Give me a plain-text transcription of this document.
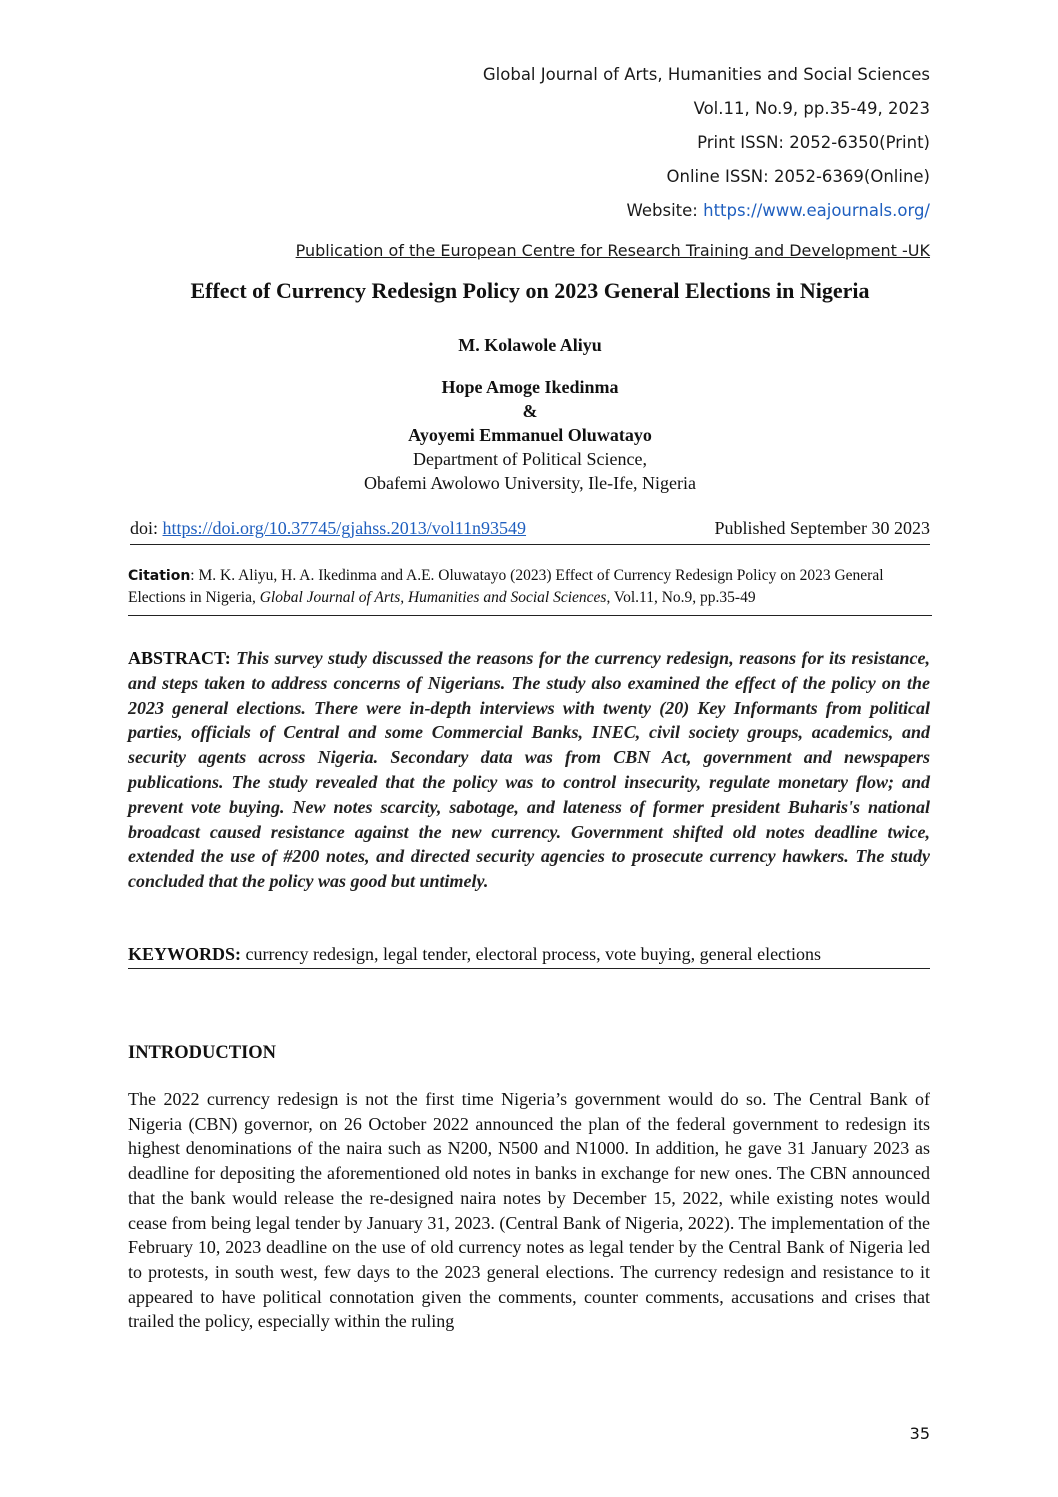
Global Journal of Arts, Humanities and Social Sciences
Vol.11, No.9, pp.35-49, 2023
Print ISSN: 2052-6350(Print)
Online ISSN: 2052-6369(Online)
Website: https://www.eajournals.org/
Publication of the European Centre for Research Training and Development -UK
Effect of Currency Redesign Policy on 2023 General Elections in Nigeria
M. Kolawole Aliyu
Hope Amoge Ikedinma
&
Ayoyemi Emmanuel Oluwatayo
Department of Political Science,
Obafemi Awolowo University, Ile-Ife, Nigeria
doi: https://doi.org/10.37745/gjahss.2013/vol11n93549	Published September 30 2023
Citation: M. K. Aliyu, H. A. Ikedinma and A.E. Oluwatayo (2023) Effect of Currency Redesign Policy on 2023 General Elections in Nigeria, Global Journal of Arts, Humanities and Social Sciences, Vol.11, No.9, pp.35-49
ABSTRACT: This survey study discussed the reasons for the currency redesign, reasons for its resistance, and steps taken to address concerns of Nigerians. The study also examined the effect of the policy on the 2023 general elections. There were in-depth interviews with twenty (20) Key Informants from political parties, officials of Central and some Commercial Banks, INEC, civil society groups, academics, and security agents across Nigeria. Secondary data was from CBN Act, government and newspapers publications. The study revealed that the policy was to control insecurity, regulate monetary flow; and prevent vote buying. New notes scarcity, sabotage, and lateness of former president Buharis's national broadcast caused resistance against the new currency. Government shifted old notes deadline twice, extended the use of #200 notes, and directed security agencies to prosecute currency hawkers. The study concluded that the policy was good but untimely.
KEYWORDS: currency redesign, legal tender, electoral process, vote buying, general elections
INTRODUCTION
The 2022 currency redesign is not the first time Nigeria’s government would do so. The Central Bank of Nigeria (CBN) governor, on 26 October 2022 announced the plan of the federal government to redesign its highest denominations of the naira such as N200, N500 and N1000. In addition, he gave 31 January 2023 as deadline for depositing the aforementioned old notes in banks in exchange for new ones. The CBN announced that the bank would release the re-designed naira notes by December 15, 2022, while existing notes would cease from being legal tender by January 31, 2023. (Central Bank of Nigeria, 2022). The implementation of the February 10, 2023 deadline on the use of old currency notes as legal tender by the Central Bank of Nigeria led to protests, in south west, few days to the 2023 general elections. The currency redesign and resistance to it appeared to have political connotation given the comments, counter comments, accusations and crises that trailed the policy, especially within the ruling
35
